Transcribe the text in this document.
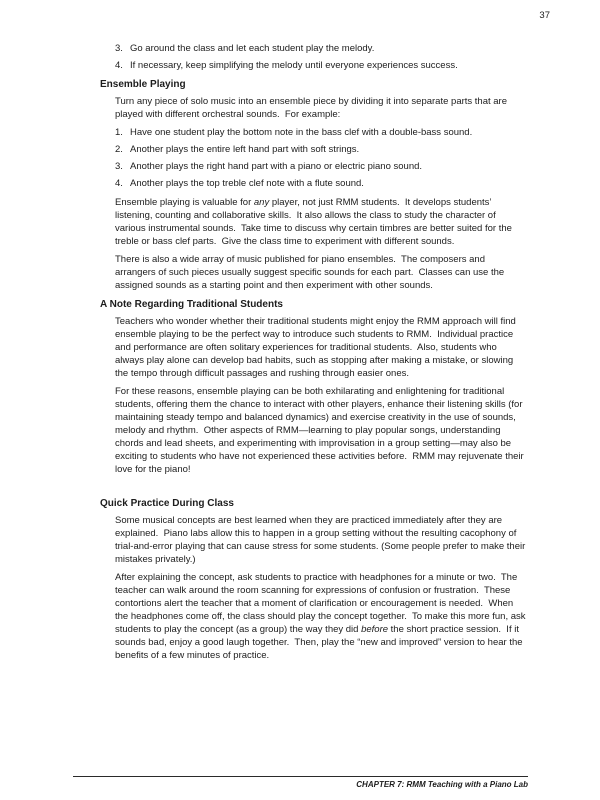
37
3. Go around the class and let each student play the melody.
4. If necessary, keep simplifying the melody until everyone experiences success.
Ensemble Playing

Turn any piece of solo music into an ensemble piece by dividing it into separate parts that are played with different orchestral sounds.  For example:

1. Have one student play the bottom note in the bass clef with a double-bass sound.
2. Another plays the entire left hand part with soft strings.
3. Another plays the right hand part with a piano or electric piano sound.
4. Another plays the top treble clef note with a flute sound.

Ensemble playing is valuable for any player, not just RMM students.  It develops students’ listening, counting and collaborative skills.  It also allows the class to study the character of various instrumental sounds.  Take time to discuss why certain timbres are better suited for the treble or bass clef parts.  Give the class time to experiment with different sounds.

There is also a wide array of music published for piano ensembles.  The composers and arrangers of such pieces usually suggest specific sounds for each part.  Classes can use the assigned sounds as a starting point and then experiment with other sounds.

A Note Regarding Traditional Students

Teachers who wonder whether their traditional students might enjoy the RMM approach will find ensemble playing to be the perfect way to introduce such students to RMM.  Individual practice and performance are often solitary experiences for traditional students.  Also, students who always play alone can develop bad habits, such as stopping after making a mistake, or slowing the tempo through difficult passages and rushing through easier ones.

For these reasons, ensemble playing can be both exhilarating and enlightening for traditional students, offering them the chance to interact with other players, enhance their listening skills (for maintaining steady tempo and balanced dynamics) and exercise creativity in the use of sounds, melody and rhythm.  Other aspects of RMM—learning to play popular songs, understanding chords and lead sheets, and experimenting with improvisation in a group setting—may also be exciting to students who have not experienced these activities before.  RMM may rejuvenate their love for the piano!

Quick Practice During Class

Some musical concepts are best learned when they are practiced immediately after they are explained.  Piano labs allow this to happen in a group setting without the resulting cacophony of trial-and-error playing that can cause stress for some students. (Some people prefer to make their mistakes privately.)

After explaining the concept, ask students to practice with headphones for a minute or two.  The teacher can walk around the room scanning for expressions of confusion or frustration.  These contortions alert the teacher that a moment of clarification or encouragement is needed.  When the headphones come off, the class should play the concept together.  To make this more fun, ask students to play the concept (as a group) the way they did before the short practice session.  If it sounds bad, enjoy a good laugh together.  Then, play the “new and improved” version to hear the benefits of a few minutes of practice.

CHAPTER 7: RMM Teaching with a Piano Lab
